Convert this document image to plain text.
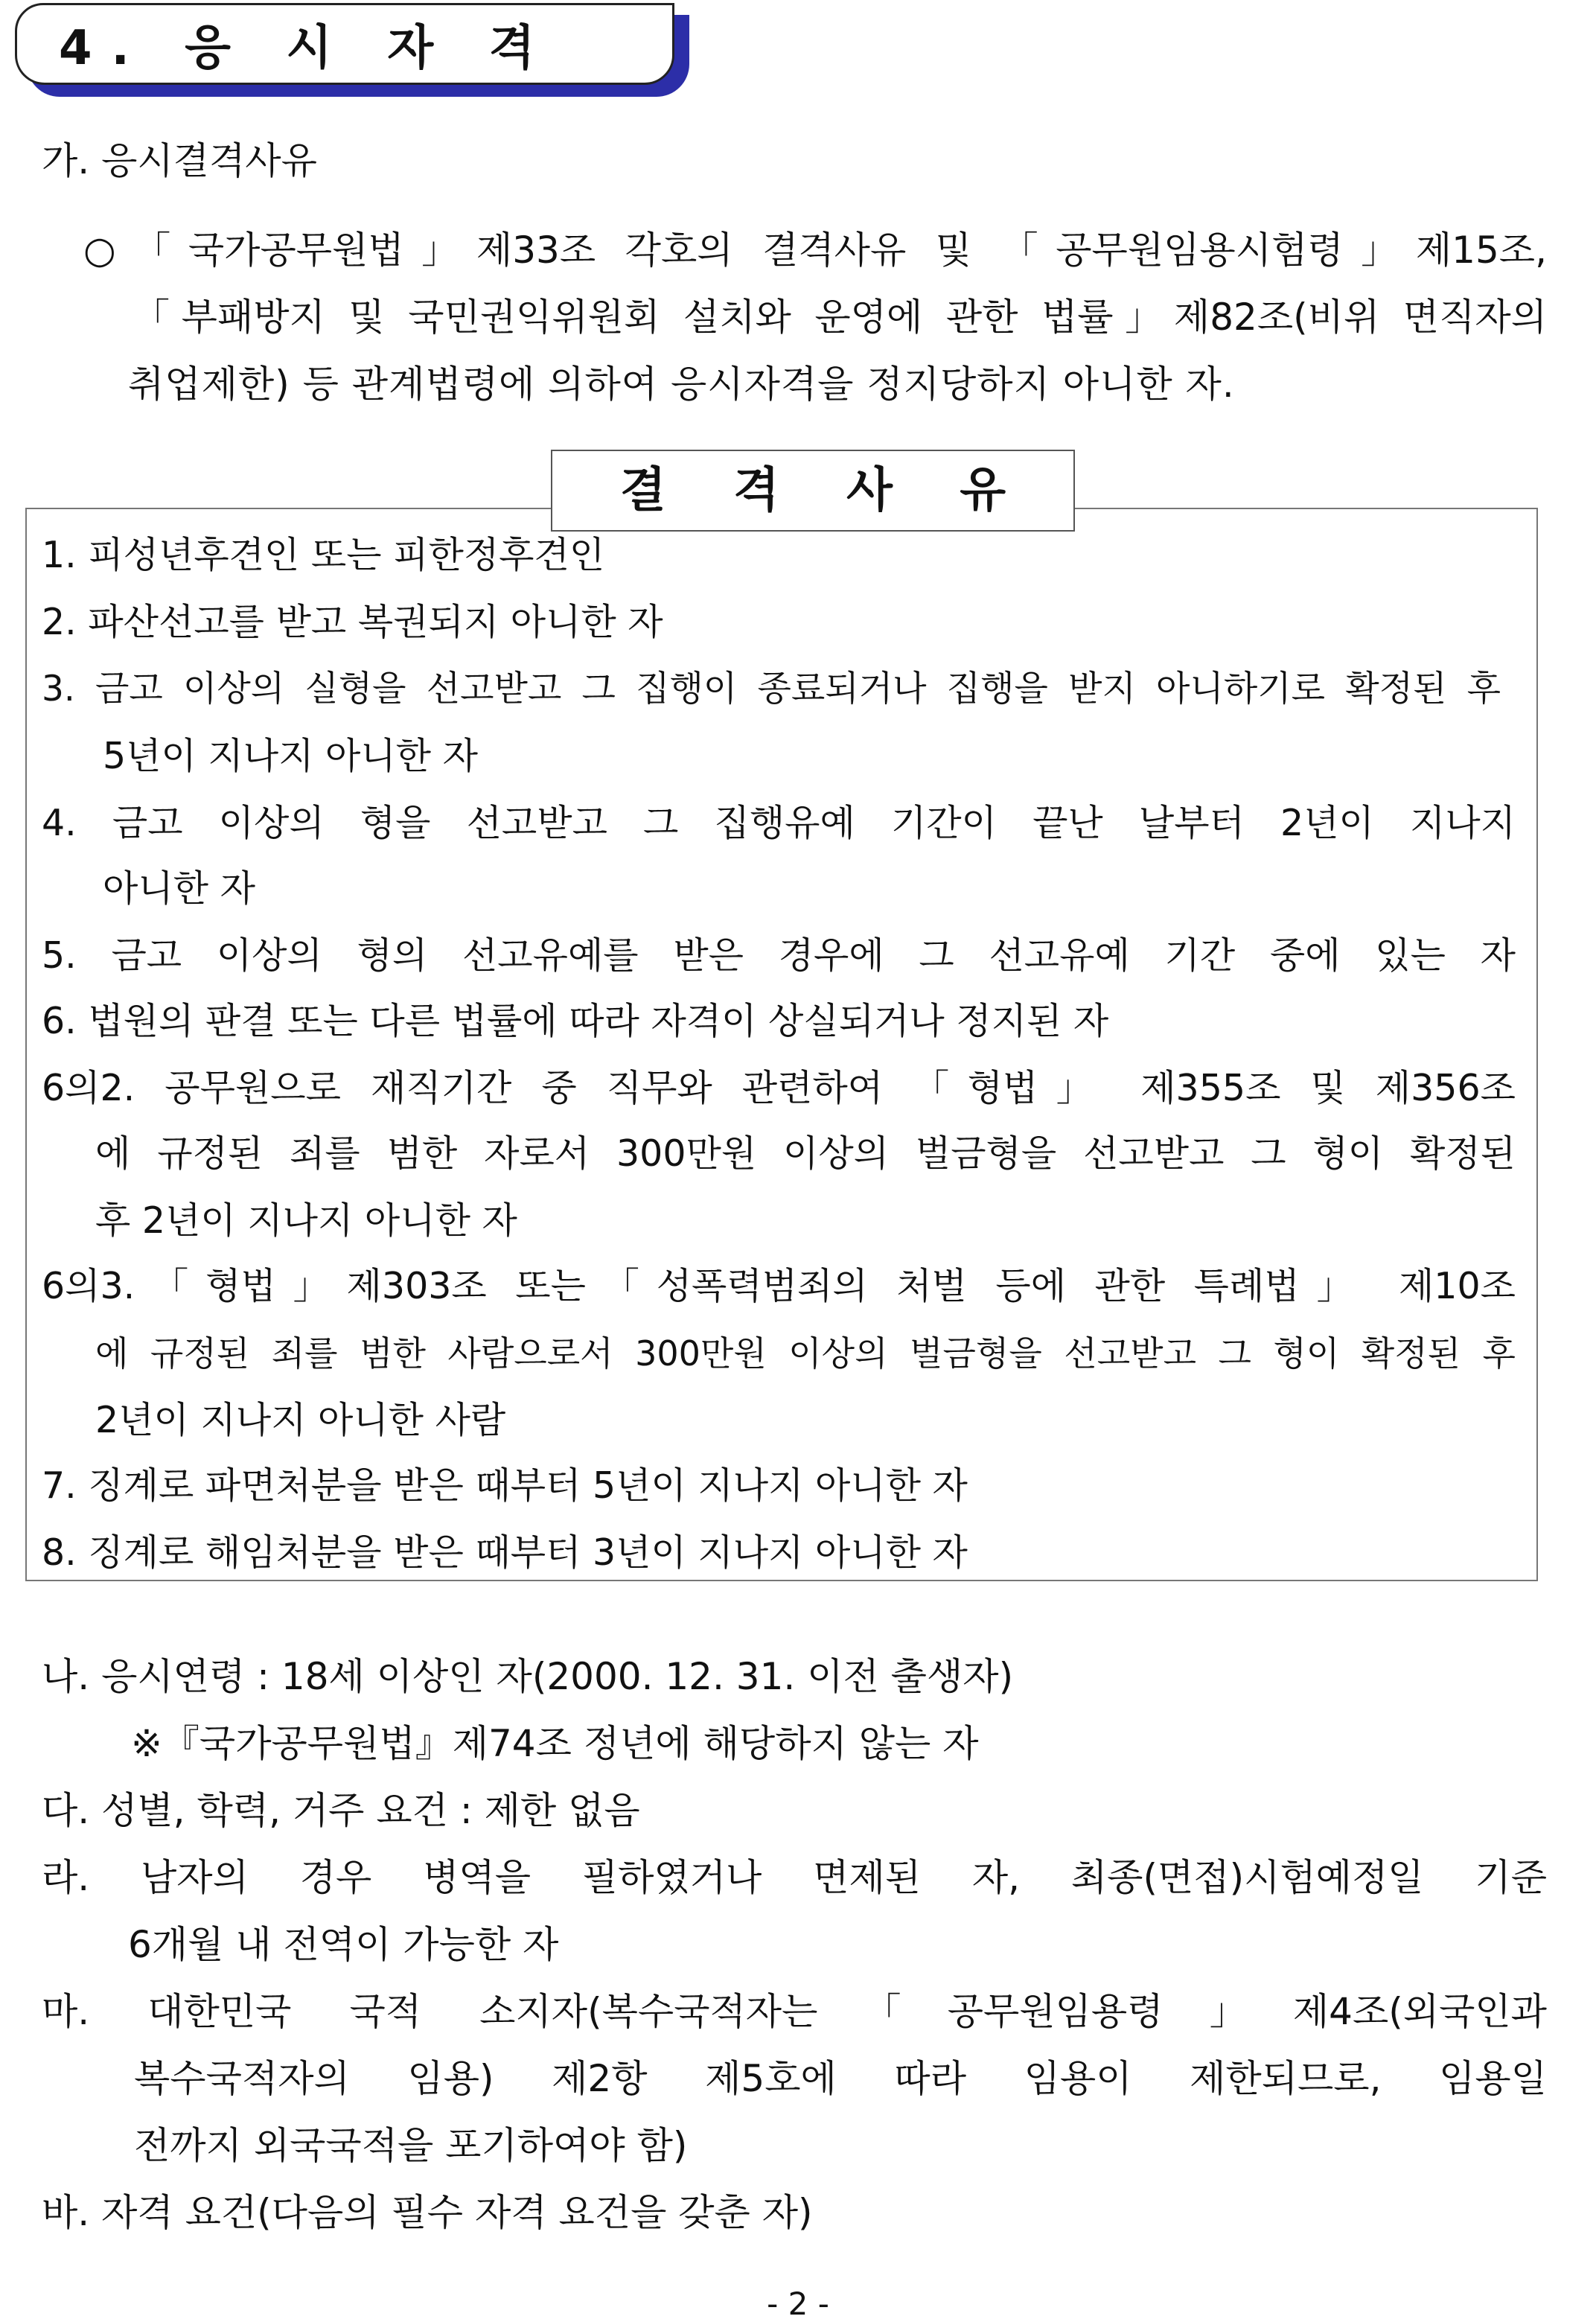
4. 응 시 자 격
가. 응시결격사유
○「국가공무원법」제33조 각호의 결격사유 및 「공무원임용시험령」제15조,
「부패방지 및 국민권익위원회 설치와 운영에 관한 법률」제82조(비위 면직자의
취업제한) 등 관계법령에 의하여 응시자격을 정지당하지 아니한 자.
결 격 사 유
1. 피성년후견인 또는 피한정후견인
2. 파산선고를 받고 복권되지 아니한 자
3. 금고 이상의 실형을 선고받고 그 집행이 종료되거나 집행을 받지 아니하기로 확정된 후
5년이 지나지 아니한 자
4. 금고 이상의 형을 선고받고 그 집행유예 기간이 끝난 날부터 2년이 지나지
아니한 자
5. 금고 이상의 형의 선고유예를 받은 경우에 그 선고유예 기간 중에 있는 자
6. 법원의 판결 또는 다른 법률에 따라 자격이 상실되거나 정지된 자
6의2. 공무원으로 재직기간 중 직무와 관련하여 「형법」 제355조 및 제356조
에 규정된 죄를 범한 자로서 300만원 이상의 벌금형을 선고받고 그 형이 확정된
후 2년이 지나지 아니한 자
6의3.「형법」제303조 또는「성폭력범죄의 처벌 등에 관한 특례법」 제10조
에 규정된 죄를 범한 사람으로서 300만원 이상의 벌금형을 선고받고 그 형이 확정된 후
2년이 지나지 아니한 사람
7. 징계로 파면처분을 받은 때부터 5년이 지나지 아니한 자
8. 징계로 해임처분을 받은 때부터 3년이 지나지 아니한 자
나. 응시연령 : 18세 이상인 자(2000. 12. 31. 이전 출생자)
※『국가공무원법』제74조 정년에 해당하지 않는 자
다. 성별, 학력, 거주 요건 : 제한 없음
라. 남자의 경우 병역을 필하였거나 면제된 자, 최종(면접)시험예정일 기준
6개월 내 전역이 가능한 자
마. 대한민국 국적 소지자(복수국적자는「공무원임용령」제4조(외국인과
복수국적자의 임용) 제2항 제5호에 따라 임용이 제한되므로, 임용일
전까지 외국국적을 포기하여야 함)
바. 자격 요건(다음의 필수 자격 요건을 갖춘 자)
- 2 -
